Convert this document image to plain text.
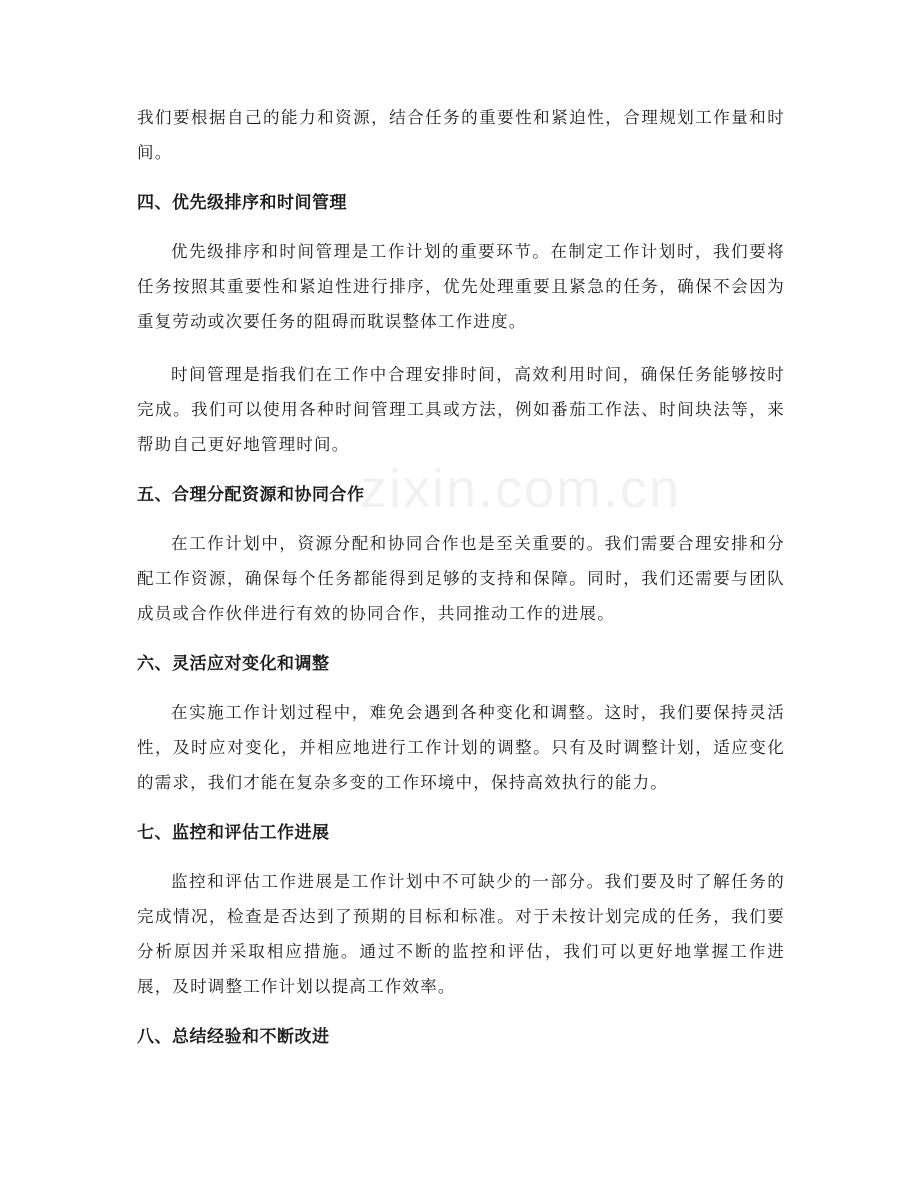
我们要根据自己的能力和资源，结合任务的重要性和紧迫性，合理规划工作量和时间。

四、优先级排序和时间管理

优先级排序和时间管理是工作计划的重要环节。在制定工作计划时，我们要将任务按照其重要性和紧迫性进行排序，优先处理重要且紧急的任务，确保不会因为重复劳动或次要任务的阻碍而耽误整体工作进度。

时间管理是指我们在工作中合理安排时间，高效利用时间，确保任务能够按时完成。我们可以使用各种时间管理工具或方法，例如番茄工作法、时间块法等，来帮助自己更好地管理时间。

五、合理分配资源和协同合作

在工作计划中，资源分配和协同合作也是至关重要的。我们需要合理安排和分配工作资源，确保每个任务都能得到足够的支持和保障。同时，我们还需要与团队成员或合作伙伴进行有效的协同合作，共同推动工作的进展。

六、灵活应对变化和调整

在实施工作计划过程中，难免会遇到各种变化和调整。这时，我们要保持灵活性，及时应对变化，并相应地进行工作计划的调整。只有及时调整计划，适应变化的需求，我们才能在复杂多变的工作环境中，保持高效执行的能力。

七、监控和评估工作进展

监控和评估工作进展是工作计划中不可缺少的一部分。我们要及时了解任务的完成情况，检查是否达到了预期的目标和标准。对于未按计划完成的任务，我们要分析原因并采取相应措施。通过不断的监控和评估，我们可以更好地掌握工作进展，及时调整工作计划以提高工作效率。

八、总结经验和不断改进
zixin.com.cn
